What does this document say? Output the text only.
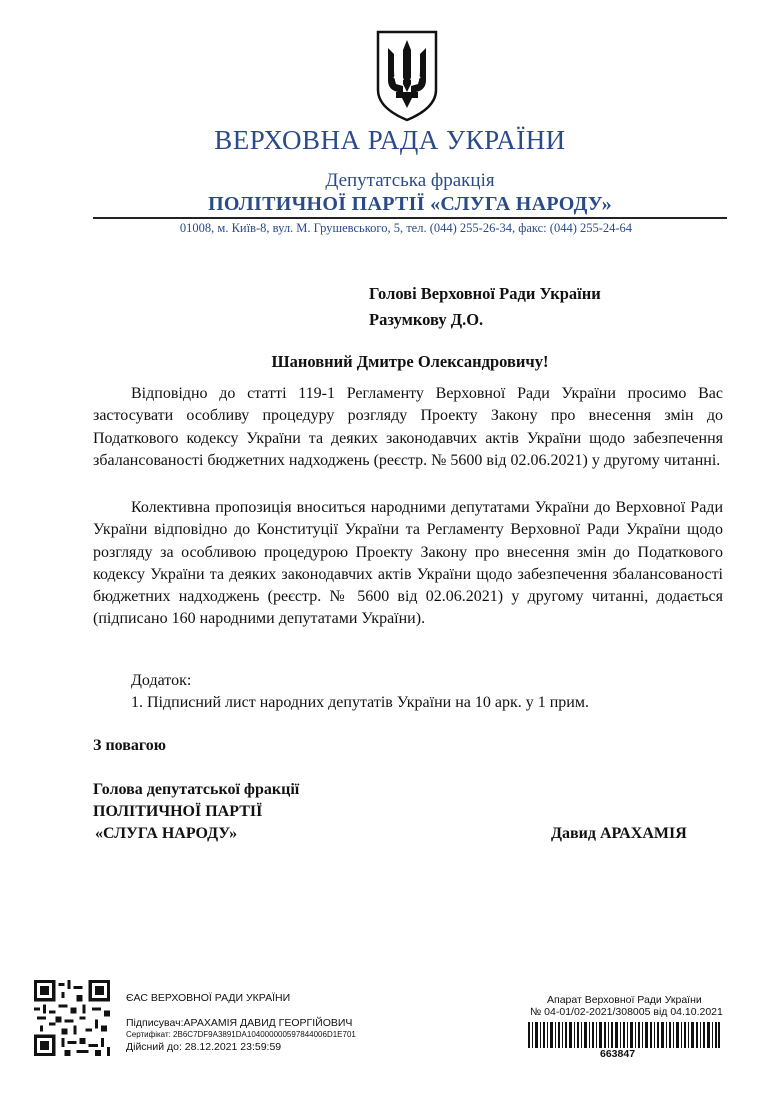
ВЕРХОВНА РАДА УКРАЇНИ
Депутатська фракція
ПОЛІТИЧНОЇ ПАРТІЇ «СЛУГА НАРОДУ»
01008, м. Київ-8, вул. М. Грушевського, 5, тел. (044) 255-26-34, факс: (044) 255-24-64
Голові Верховної Ради України
Разумкову Д.О.
Шановний Дмитре Олександровичу!
Відповідно до статті 119-1 Регламенту Верховної Ради України просимо Вас застосувати особливу процедуру розгляду Проекту Закону про внесення змін до Податкового кодексу України та деяких законодавчих актів України щодо забезпечення збалансованості бюджетних надходжень (реєстр. № 5600 від 02.06.2021) у другому читанні.
Колективна пропозиція вноситься народними депутатами України до Верховної Ради України відповідно до Конституції України та Регламенту Верховної Ради України щодо розгляду за особливою процедурою Проекту Закону про внесення змін до Податкового кодексу України та деяких законодавчих актів України щодо забезпечення збалансованості бюджетних надходжень (реєстр. № 5600 від 02.06.2021) у другому читанні, додається (підписано 160 народними депутатами України).
Додаток:
1. Підписний лист народних депутатів України на 10 арк. у 1 прим.
З повагою
Голова депутатської фракції
ПОЛІТИЧНОЇ ПАРТІЇ
«СЛУГА НАРОДУ»	Давид АРАХАМІЯ
ЄАС ВЕРХОВНОЇ РАДИ УКРАЇНИ
Підписувач:АРАХАМІЯ ДАВИД ГЕОРГІЙОВИЧ
Сертифікат: 2B6C7DF9A3891DA104000000597844006D1E701
Дійсний до: 28.12.2021 23:59:59
Апарат Верховної Ради України
№ 04-01/02-2021/308005 від 04.10.2021
663847
